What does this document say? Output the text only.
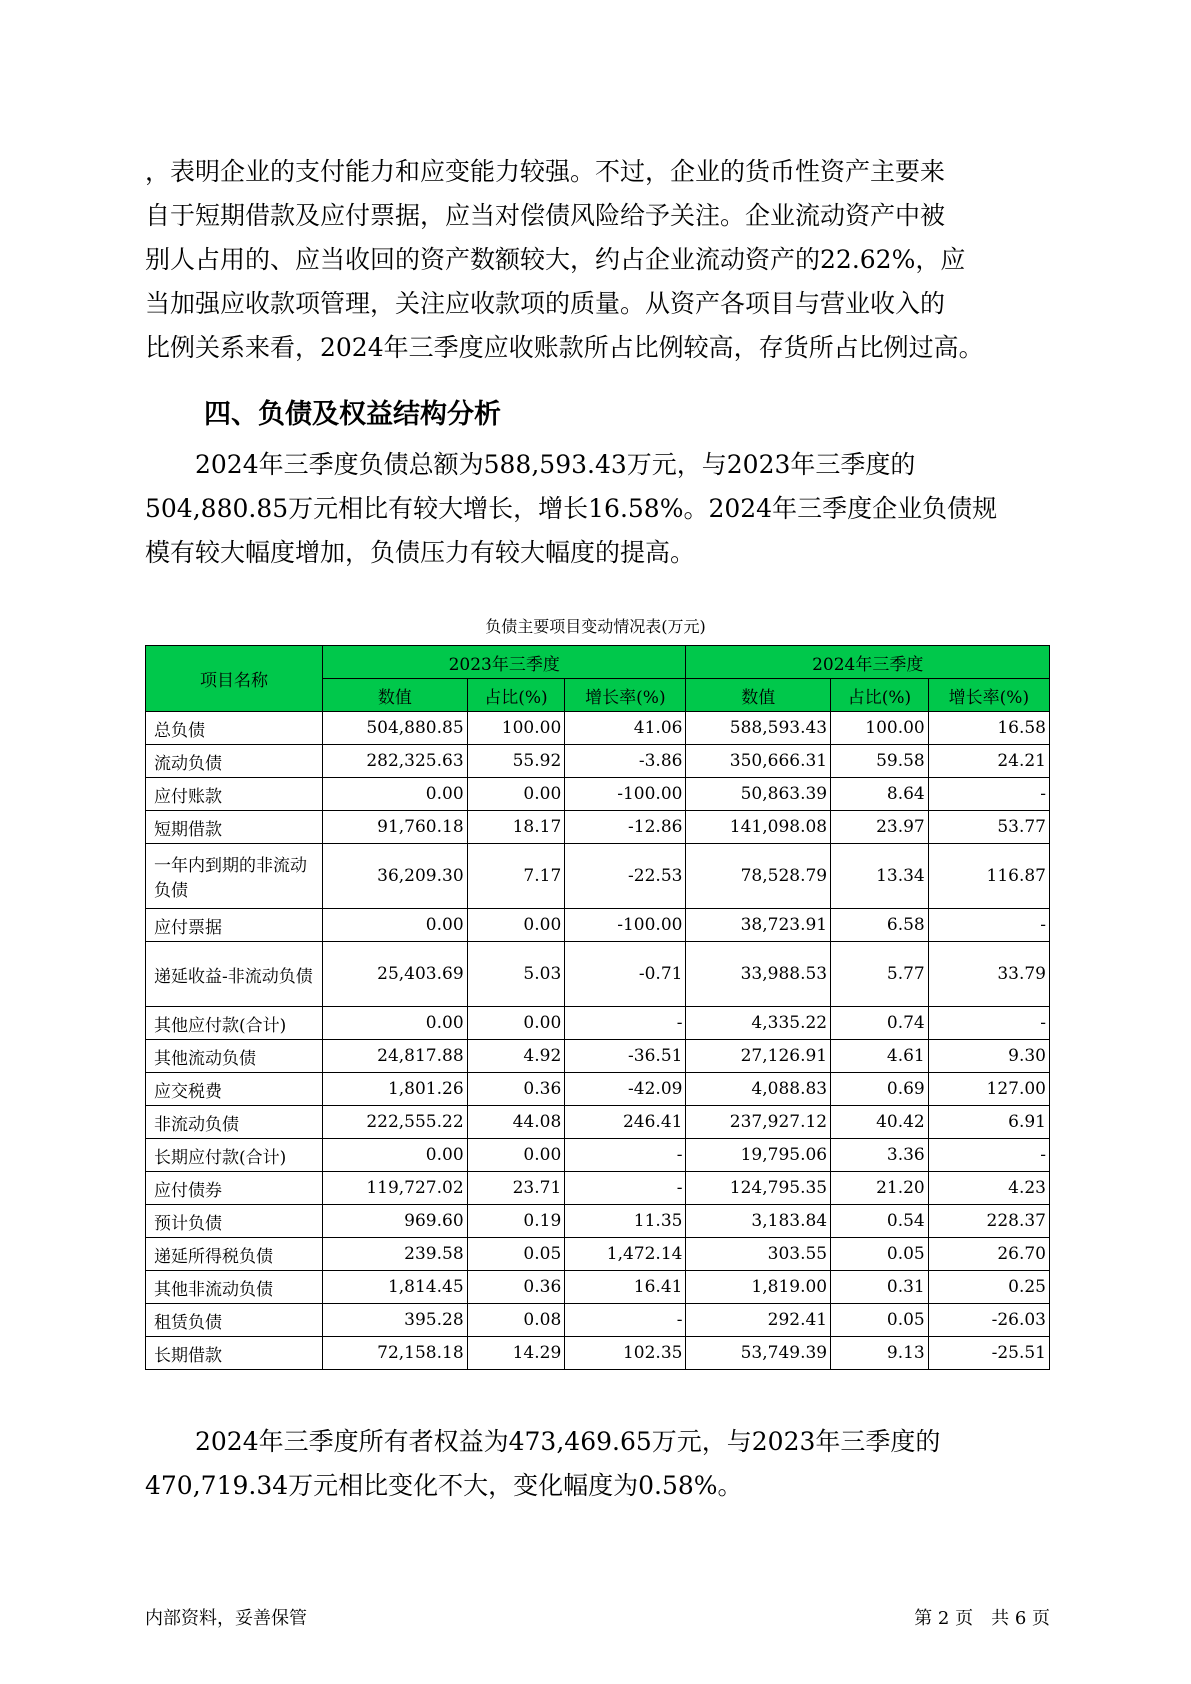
，表明企业的支付能力和应变能力较强。不过，企业的货币性资产主要来
自于短期借款及应付票据，应当对偿债风险给予关注。企业流动资产中被
别人占用的、应当收回的资产数额较大，约占企业流动资产的22.62%，应
当加强应收款项管理，关注应收款项的质量。从资产各项目与营业收入的
比例关系来看，2024年三季度应收账款所占比例较高，存货所占比例过高。

四、负债及权益结构分析

　　2024年三季度负债总额为588,593.43万元，与2023年三季度的
504,880.85万元相比有较大增长，增长16.58%。2024年三季度企业负债规
模有较大幅度增加，负债压力有较大幅度的提高。

负债主要项目变动情况表(万元)
项目名称	2023年三季度			2024年三季度		
	数值	占比(%)	增长率(%)	数值	占比(%)	增长率(%)
总负债	504,880.85	100.00	41.06	588,593.43	100.00	16.58
流动负债	282,325.63	55.92	-3.86	350,666.31	59.58	24.21
应付账款	0.00	0.00	-100.00	50,863.39	8.64	-
短期借款	91,760.18	18.17	-12.86	141,098.08	23.97	53.77
一年内到期的非流动负债	36,209.30	7.17	-22.53	78,528.79	13.34	116.87
应付票据	0.00	0.00	-100.00	38,723.91	6.58	-
递延收益-非流动负债	25,403.69	5.03	-0.71	33,988.53	5.77	33.79
其他应付款(合计)	0.00	0.00	-	4,335.22	0.74	-
其他流动负债	24,817.88	4.92	-36.51	27,126.91	4.61	9.30
应交税费	1,801.26	0.36	-42.09	4,088.83	0.69	127.00
非流动负债	222,555.22	44.08	246.41	237,927.12	40.42	6.91
长期应付款(合计)	0.00	0.00	-	19,795.06	3.36	-
应付债券	119,727.02	23.71	-	124,795.35	21.20	4.23
预计负债	969.60	0.19	11.35	3,183.84	0.54	228.37
递延所得税负债	239.58	0.05	1,472.14	303.55	0.05	26.70
其他非流动负债	1,814.45	0.36	16.41	1,819.00	0.31	0.25
租赁负债	395.28	0.08	-	292.41	0.05	-26.03
长期借款	72,158.18	14.29	102.35	53,749.39	9.13	-25.51

　　2024年三季度所有者权益为473,469.65万元，与2023年三季度的
470,719.34万元相比变化不大，变化幅度为0.58%。

内部资料，妥善保管	第 2 页　共 6 页
